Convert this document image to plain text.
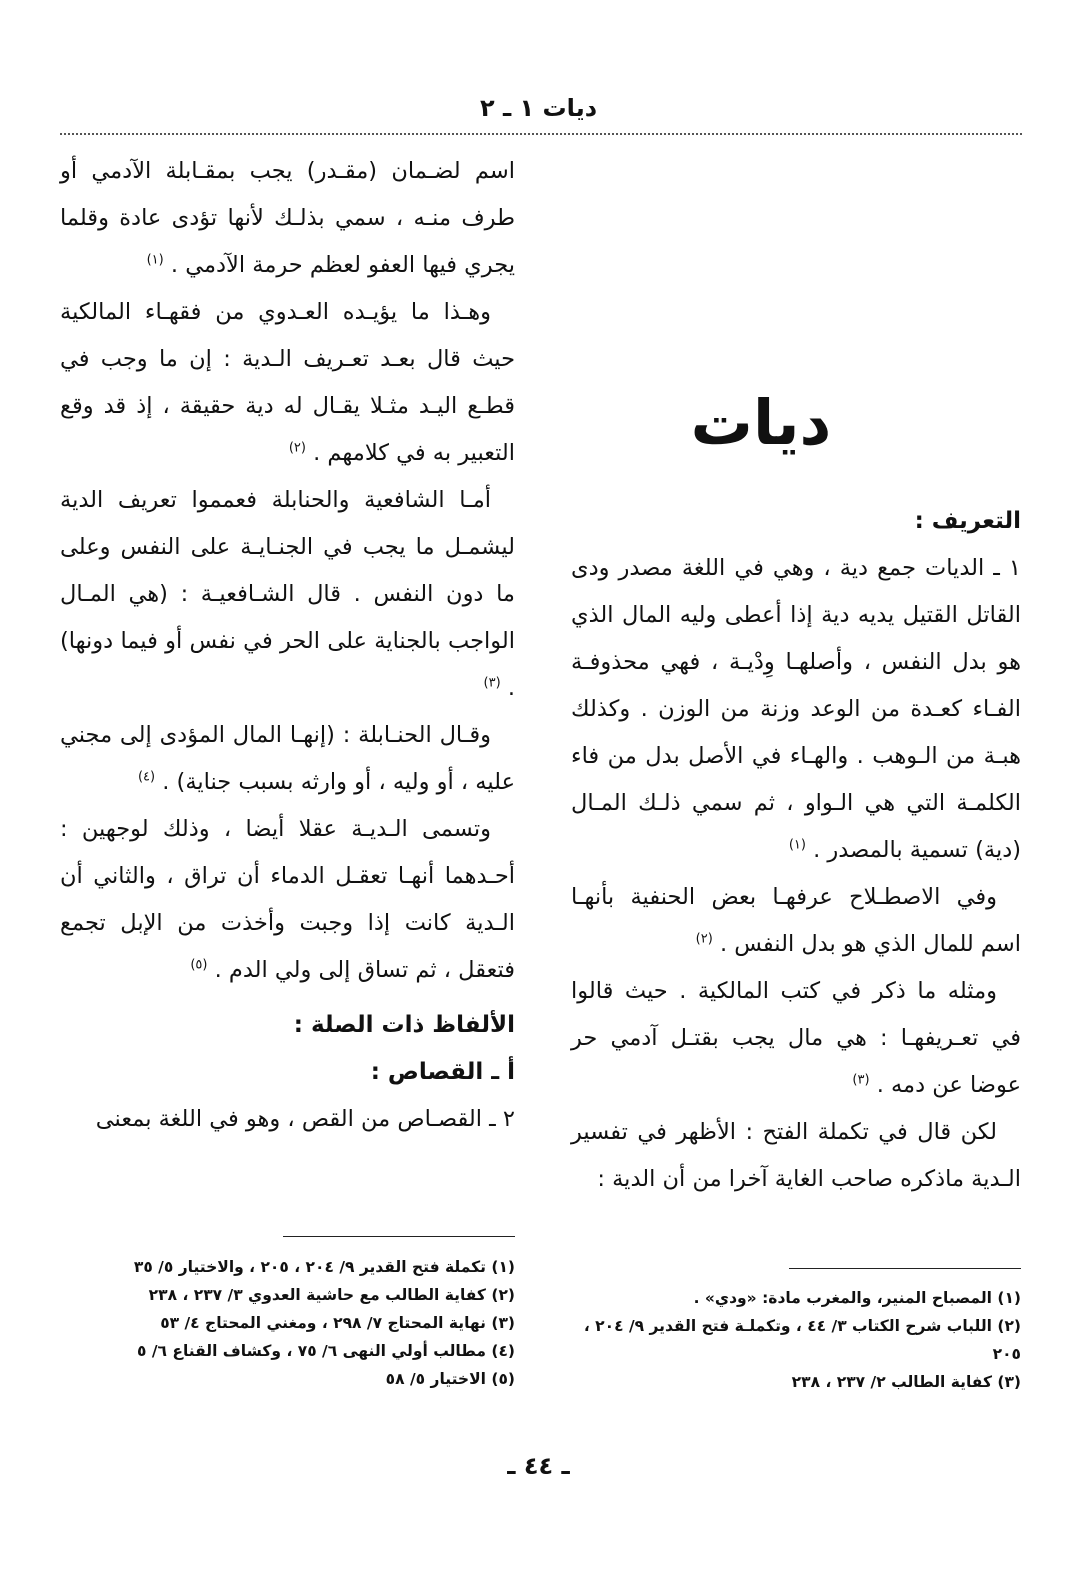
ديات ١ ـ ٢
ديات

التعريف :

١ ـ الديات جمع دية ، وهي في اللغة مصدر ودى القاتل القتيل يديه دية إذا أعطى وليه المال الذي هو بدل النفس ، وأصلهـا وِدْيـة ، فهي محذوفـة الفـاء كعـدة من الوعد وزنة من الوزن . وكذلك هبـة من الـوهب . والهـاء في الأصل بدل من فاء الكلمـة التي هي الـواو ، ثم سمي ذلـك المـال (دية) تسمية بالمصدر . $^{(١)}$

وفي الاصطـلاح عرفهـا بعض الحنفية بأنهـا اسم للمال الذي هو بدل النفس . $^{(٢)}$

ومثله ما ذكر في كتب المالكية . حيث قالوا في تعـريفهـا : هي مال يجب بقتـل آدمي حر عوضا عن دمه . $^{(٣)}$

لكن قال في تكملة الفتح : الأظهر في تفسير الـدية ماذكره صاحب الغاية آخرا من أن الدية :

اسم لضـمان (مقـدر) يجب بمقـابلة الآدمي أو طرف منـه ، سمي بذلـك لأنها تؤدى عادة وقلما يجري فيها العفو لعظم حرمة الآدمي . $^{(١)}$

وهـذا ما يؤيـده العـدوي من فقهـاء المالكية حيث قال بعـد تعـريف الـدية : إن ما وجب في قطـع اليـد مثـلا يقـال له دية حقيقة ، إذ قد وقع التعبير به في كلامهم . $^{(٢)}$

أمـا الشافعية والحنابلة فعمموا تعريف الدية ليشمـل ما يجب في الجنـايـة على النفس وعلى ما دون النفس . قال الشـافعيـة : (هي المـال الواجب بالجناية على الحر في نفس أو فيما دونها) . $^{(٣)}$

وقـال الحنـابلة : (إنهـا المال المؤدى إلى مجني عليه ، أو وليه ، أو وارثه بسبب جناية) . $^{(٤)}$

وتسمى الـديـة عقلا أيضا ، وذلك لوجهين : أحـدهما أنهـا تعقـل الدماء أن تراق ، والثاني أن الـدية كانت إذا وجبت وأخذت من الإبل تجمع فتعقل ، ثم تساق إلى ولي الدم . $^{(٥)}$

الألفاظ ذات الصلة :

أ ـ القصاص :

٢ ـ القصـاص من القص ، وهو في اللغة بمعنى

(١) المصباح المنير، والمغرب مادة: «ودي» .
(٢) اللباب شرح الكتاب ٣/ ٤٤ ، وتكملـة فتح القدير ٩/ ٢٠٤ ، ٢٠٥
(٣) كفاية الطالب ٢/ ٢٣٧ ، ٢٣٨
(١) تكملة فتح القدير ٩/ ٢٠٤ ، ٢٠٥ ، والاختيار ٥/ ٣٥
(٢) كفاية الطالب مع حاشية العدوي ٣/ ٢٣٧ ، ٢٣٨
(٣) نهاية المحتاج ٧/ ٢٩٨ ، ومغني المحتاج ٤/ ٥٣
(٤) مطالب أولي النهى ٦/ ٧٥ ، وكشاف القناع ٦/ ٥
(٥) الاختيار ٥/ ٥٨
ـ ٤٤ ـ
